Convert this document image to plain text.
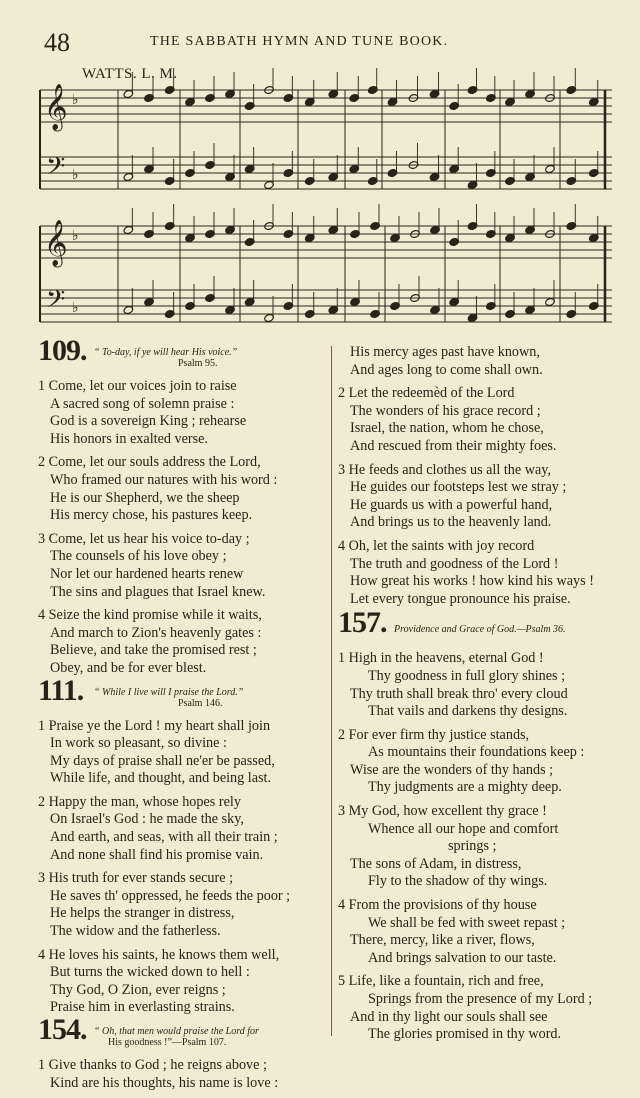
48	THE SABBATH HYMN AND TUNE BOOK.
WATTS. L. M.
𝄞
𝄢
♭
♭
𝄞
𝄢
♭
♭
109. “ To-day, if ye will hear His voice.”
Psalm 95.
1 Come, let our voices join to raise
A sacred song of solemn praise :
God is a sovereign King ; rehearse
His honors in exalted verse.
2 Come, let our souls address the Lord,
Who framed our natures with his word :
He is our Shepherd, we the sheep
His mercy chose, his pastures keep.
3 Come, let us hear his voice to-day ;
The counsels of his love obey ;
Nor let our hardened hearts renew
The sins and plagues that Israel knew.
4 Seize the kind promise while it waits,
And march to Zion's heavenly gates :
Believe, and take the promised rest ;
Obey, and be for ever blest.
111. “ While I live will I praise the Lord.”
Psalm 146.
1 Praise ye the Lord ! my heart shall join
In work so pleasant, so divine :
My days of praise shall ne'er be passed,
While life, and thought, and being last.
2 Happy the man, whose hopes rely
On Israel's God : he made the sky,
And earth, and seas, with all their train ;
And none shall find his promise vain.
3 His truth for ever stands secure ;
He saves th' oppressed, he feeds the poor ;
He helps the stranger in distress,
The widow and the fatherless.
4 He loves his saints, he knows them well,
But turns the wicked down to hell :
Thy God, O Zion, ever reigns ;
Praise him in everlasting strains.
154. “ Oh, that men would praise the Lord for
His goodness !”—Psalm 107.
1 Give thanks to God ; he reigns above ;
Kind are his thoughts, his name is love :
His mercy ages past have known,
And ages long to come shall own.
2 Let the redeemèd of the Lord
The wonders of his grace record ;
Israel, the nation, whom he chose,
And rescued from their mighty foes.
3 He feeds and clothes us all the way,
He guides our footsteps lest we stray ;
He guards us with a powerful hand,
And brings us to the heavenly land.
4 Oh, let the saints with joy record
The truth and goodness of the Lord !
How great his works ! how kind his ways !
Let every tongue pronounce his praise.
157. Providence and Grace of God.—Psalm 36.
1 High in the heavens, eternal God !
Thy goodness in full glory shines ;
Thy truth shall break thro' every cloud
That vails and darkens thy designs.
2 For ever firm thy justice stands,
As mountains their foundations keep :
Wise are the wonders of thy hands ;
Thy judgments are a mighty deep.
3 My God, how excellent thy grace !
Whence all our hope and comfort
springs ;
The sons of Adam, in distress,
Fly to the shadow of thy wings.
4 From the provisions of thy house
We shall be fed with sweet repast ;
There, mercy, like a river, flows,
And brings salvation to our taste.
5 Life, like a fountain, rich and free,
Springs from the presence of my Lord ;
And in thy light our souls shall see
The glories promised in thy word.
